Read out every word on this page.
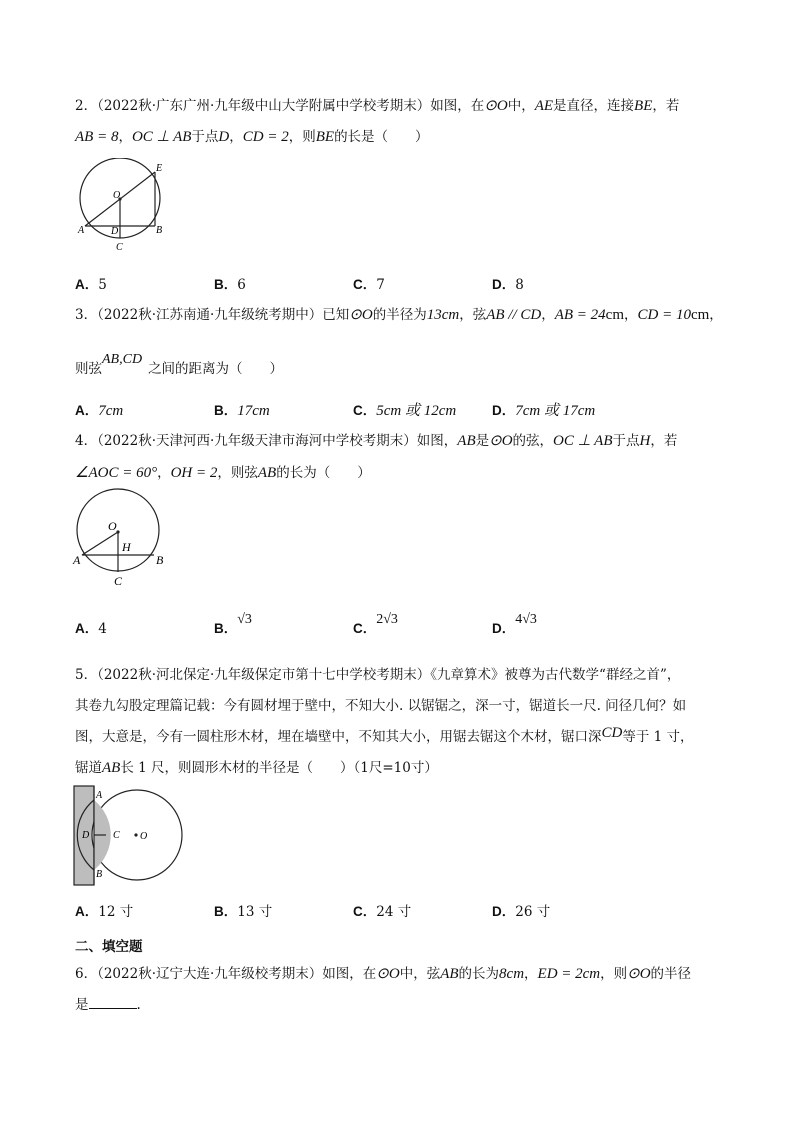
2．（2022秋·广东广州·九年级中山大学附属中学校考期末）如图，在⊙O中，AE是直径，连接BE，若
AB = 8，OC ⊥ AB于点D，CD = 2，则BE的长是（　　）
O
E
A	D	B
C
A．5	B．6	C．7	D．8
3．（2022秋·江苏南通·九年级统考期中）已知⊙O的半径为13cm，弦AB // CD，AB = 24cm，CD = 10cm，
则弦AB,CD之间的距离为（　　）
A．7cm	B．17cm	C．5cm 或 12cm	D．7cm 或 17cm
4．（2022秋·天津河西·九年级天津市海河中学校考期末）如图，AB是⊙O的弦，OC ⊥ AB于点H，若
∠AOC = 60°，OH = 2，则弦AB的长为（　　）
O
H
A	B
C
A．4	B．√3
C．2√3
D．4√3
5．（2022秋·河北保定·九年级保定市第十七中学校考期末）《九章算术》被尊为古代数学“群经之首”，
其卷九勾股定理篇记载：今有圆材埋于壁中，不知大小. 以锯锯之，深一寸，锯道长一尺. 问径几何？如
图，大意是，今有一圆柱形木材，埋在墙壁中，不知其大小，用锯去锯这个木材，锯口深CD等于 1 寸，
锯道AB长 1 尺，则圆形木材的半径是（　　）（1尺=10寸）
A
D C O
B
A．12 寸	B．13 寸	C．24 寸	D．26 寸
二、填空题
6．（2022秋·辽宁大连·九年级校考期末）如图，在⊙O中，弦AB的长为8cm，ED = 2cm，则⊙O的半径
是	.
